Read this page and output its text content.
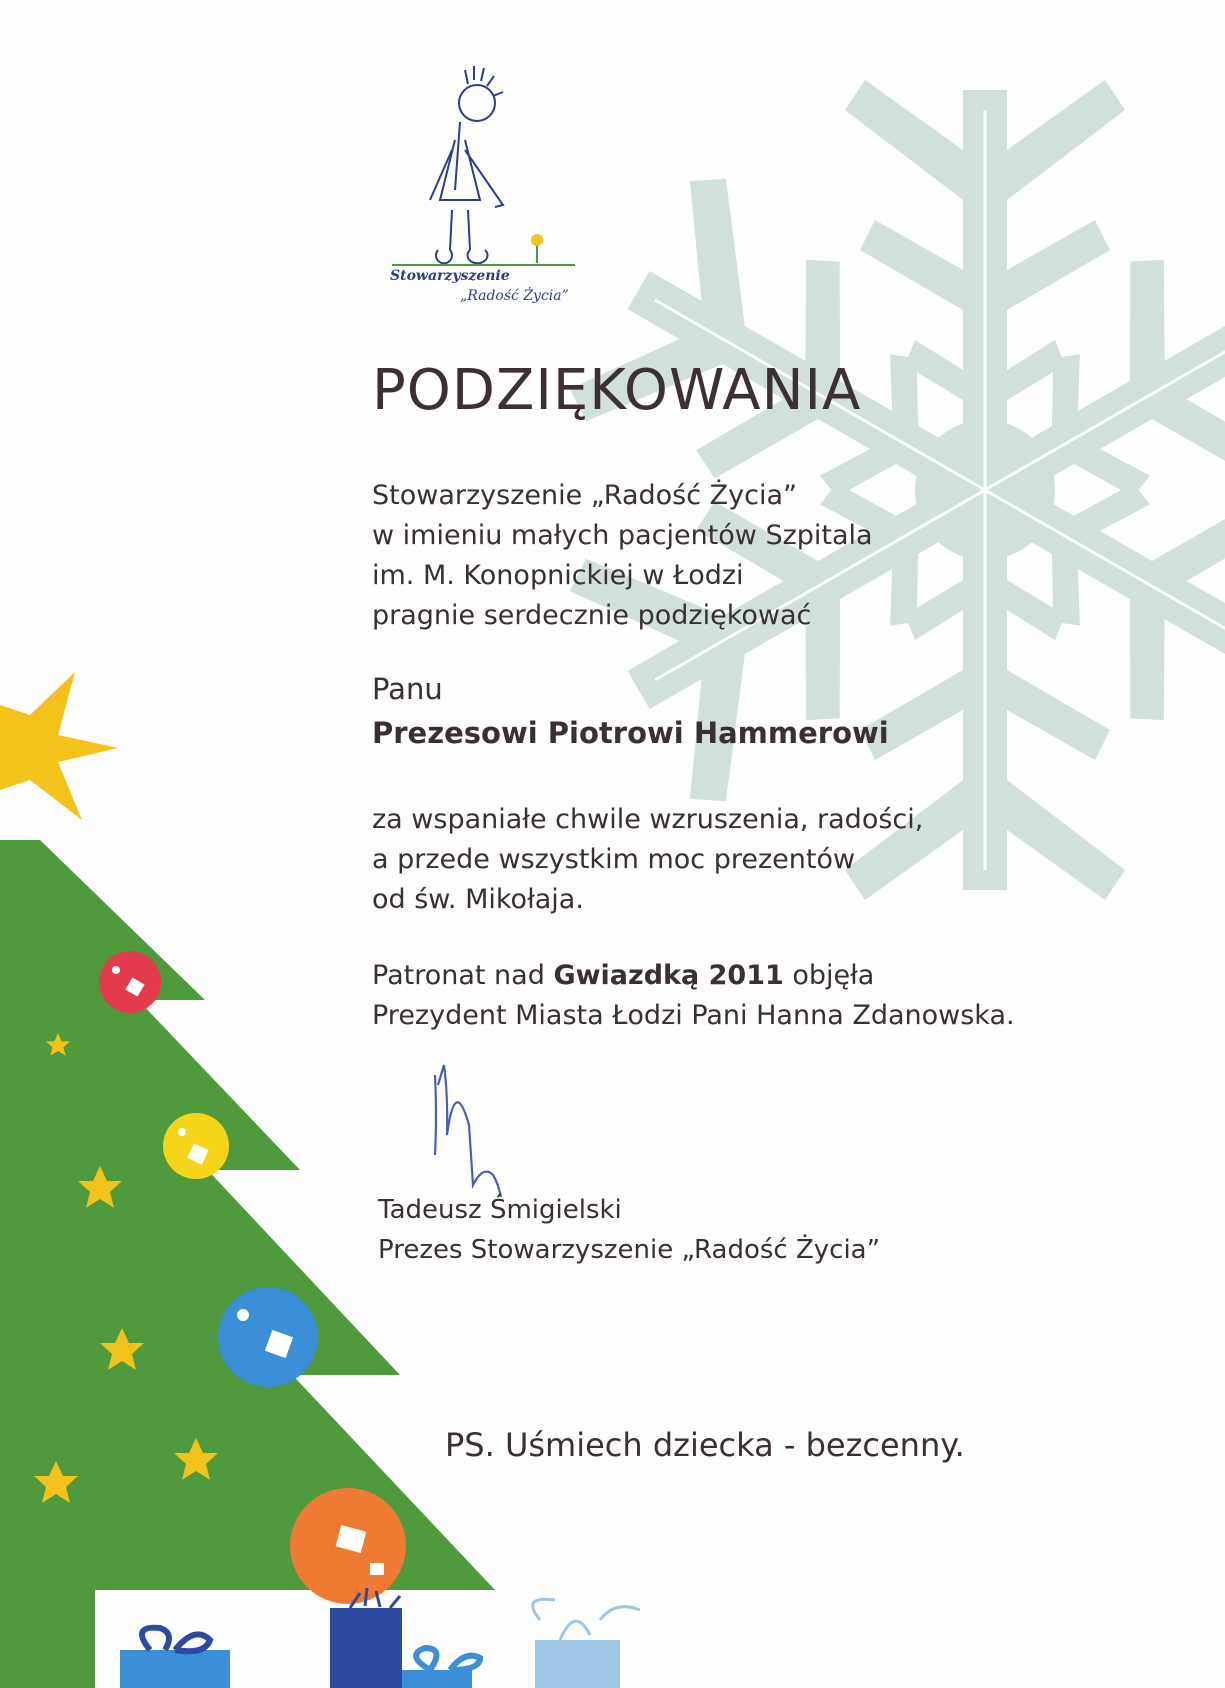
Stowarzyszenie
„Radość Życia”
PODZIĘKOWANIA
Stowarzyszenie „Radość Życia”
w imieniu małych pacjentów Szpitala
im. M. Konopnickiej w Łodzi
pragnie serdecznie podziękować
Panu
Prezesowi Piotrowi Hammerowi
za wspaniałe chwile wzruszenia, radości,
a przede wszystkim moc prezentów
od św. Mikołaja.
Patronat nad Gwiazdką 2011 objęła
Prezydent Miasta Łodzi Pani Hanna Zdanowska.
Tadeusz Śmigielski
Prezes Stowarzyszenie „Radość Życia”
PS. Uśmiech dziecka - bezcenny.
